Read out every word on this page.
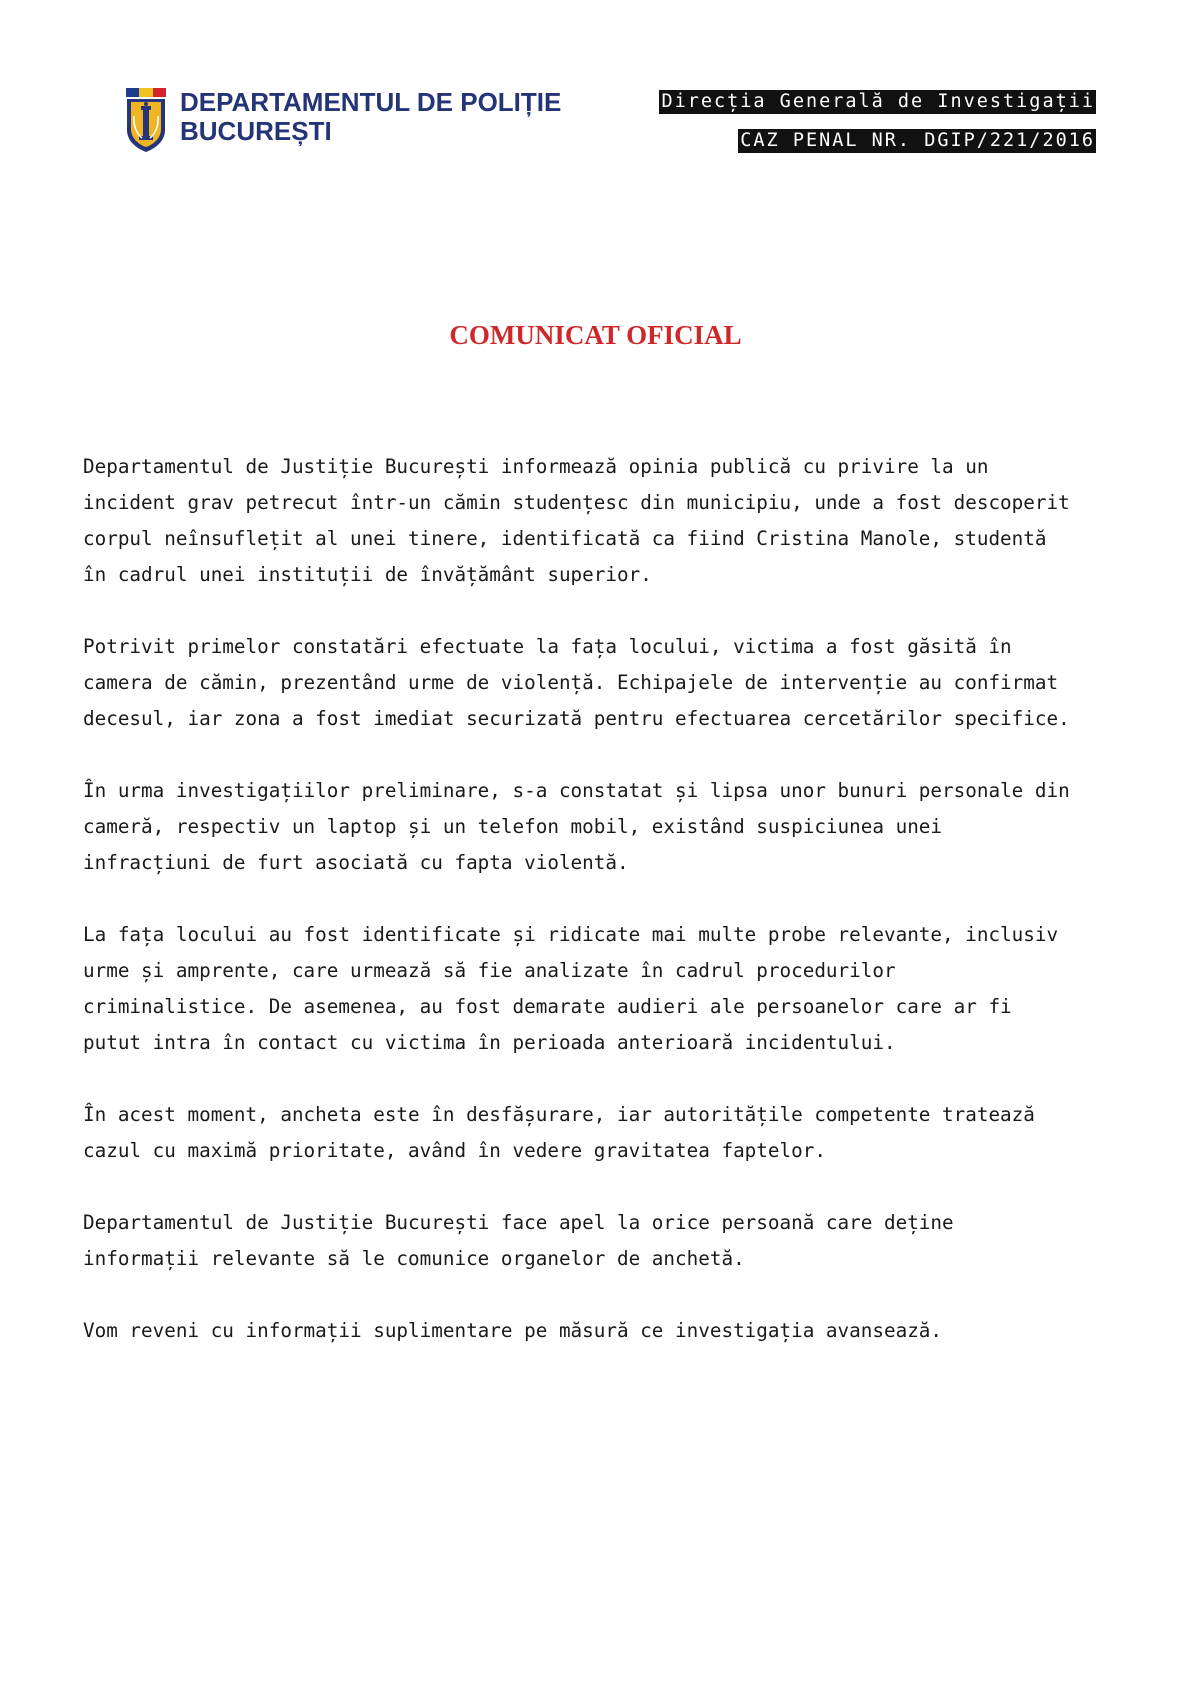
DEPARTAMENTUL DE POLIȚIE
BUCUREȘTI
Direcția Generală de Investigații
CAZ PENAL NR. DGIP/221/2016
COMUNICAT OFICIAL
Departamentul de Justiție București informează opinia publică cu privire la un
incident grav petrecut într-un cămin studențesc din municipiu, unde a fost descoperit
corpul neînsuflețit al unei tinere, identificată ca fiind Cristina Manole, studentă
în cadrul unei instituții de învățământ superior.
Potrivit primelor constatări efectuate la fața locului, victima a fost găsită în
camera de cămin, prezentând urme de violență. Echipajele de intervenție au confirmat
decesul, iar zona a fost imediat securizată pentru efectuarea cercetărilor specifice.
În urma investigațiilor preliminare, s-a constatat și lipsa unor bunuri personale din
cameră, respectiv un laptop și un telefon mobil, existând suspiciunea unei
infracțiuni de furt asociată cu fapta violentă.
La fața locului au fost identificate și ridicate mai multe probe relevante, inclusiv
urme și amprente, care urmează să fie analizate în cadrul procedurilor
criminalistice. De asemenea, au fost demarate audieri ale persoanelor care ar fi
putut intra în contact cu victima în perioada anterioară incidentului.
În acest moment, ancheta este în desfășurare, iar autoritățile competente tratează
cazul cu maximă prioritate, având în vedere gravitatea faptelor.
Departamentul de Justiție București face apel la orice persoană care deține
informații relevante să le comunice organelor de anchetă.
Vom reveni cu informații suplimentare pe măsură ce investigația avansează.
